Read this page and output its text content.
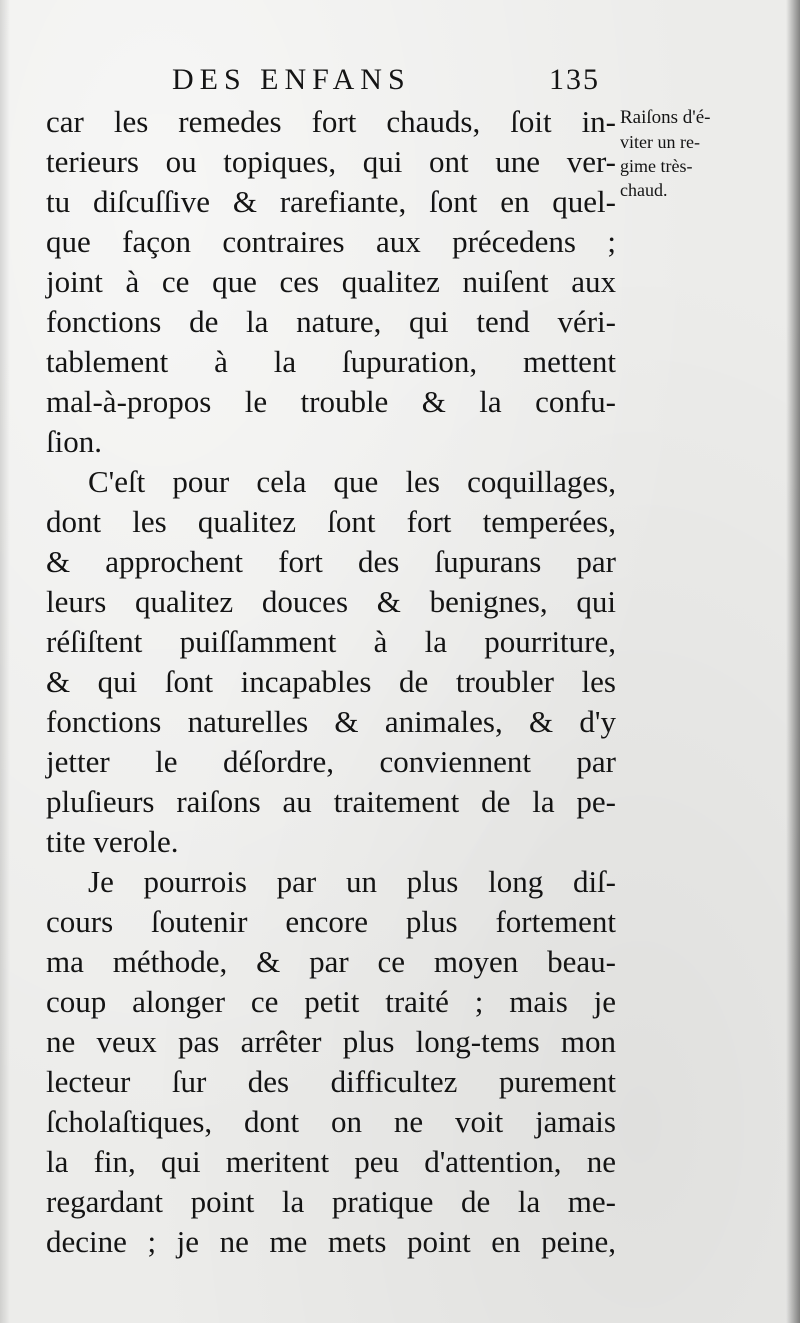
DES ENFANS	135
car les remedes fort chauds, ſoit in-
terieurs ou topiques, qui ont une ver-
tu diſcuſſive & rarefiante, ſont en quel-
que façon contraires aux précedens ;
joint à ce que ces qualitez nuiſent aux
fonctions de la nature, qui tend véri-
tablement à la ſupuration, mettent
mal-à-propos le trouble & la confu-
ſion.
C'eſt pour cela que les coquillages,
dont les qualitez ſont fort temperées,
& approchent fort des ſupurans par
leurs qualitez douces & benignes, qui
réſiſtent puiſſamment à la pourriture,
& qui ſont incapables de troubler les
fonctions naturelles & animales, & d'y
jetter le déſordre, conviennent par
pluſieurs raiſons au traitement de la pe-
tite verole.
Je pourrois par un plus long diſ-
cours ſoutenir encore plus fortement
ma méthode, & par ce moyen beau-
coup alonger ce petit traité ; mais je
ne veux pas arrêter plus long-tems mon
lecteur ſur des difficultez purement
ſcholaſtiques, dont on ne voit jamais
la fin, qui meritent peu d'attention, ne
regardant point la pratique de la me-
decine ; je ne me mets point en peine,
Raiſons d'é-
viter un re-
gime très-
chaud.
